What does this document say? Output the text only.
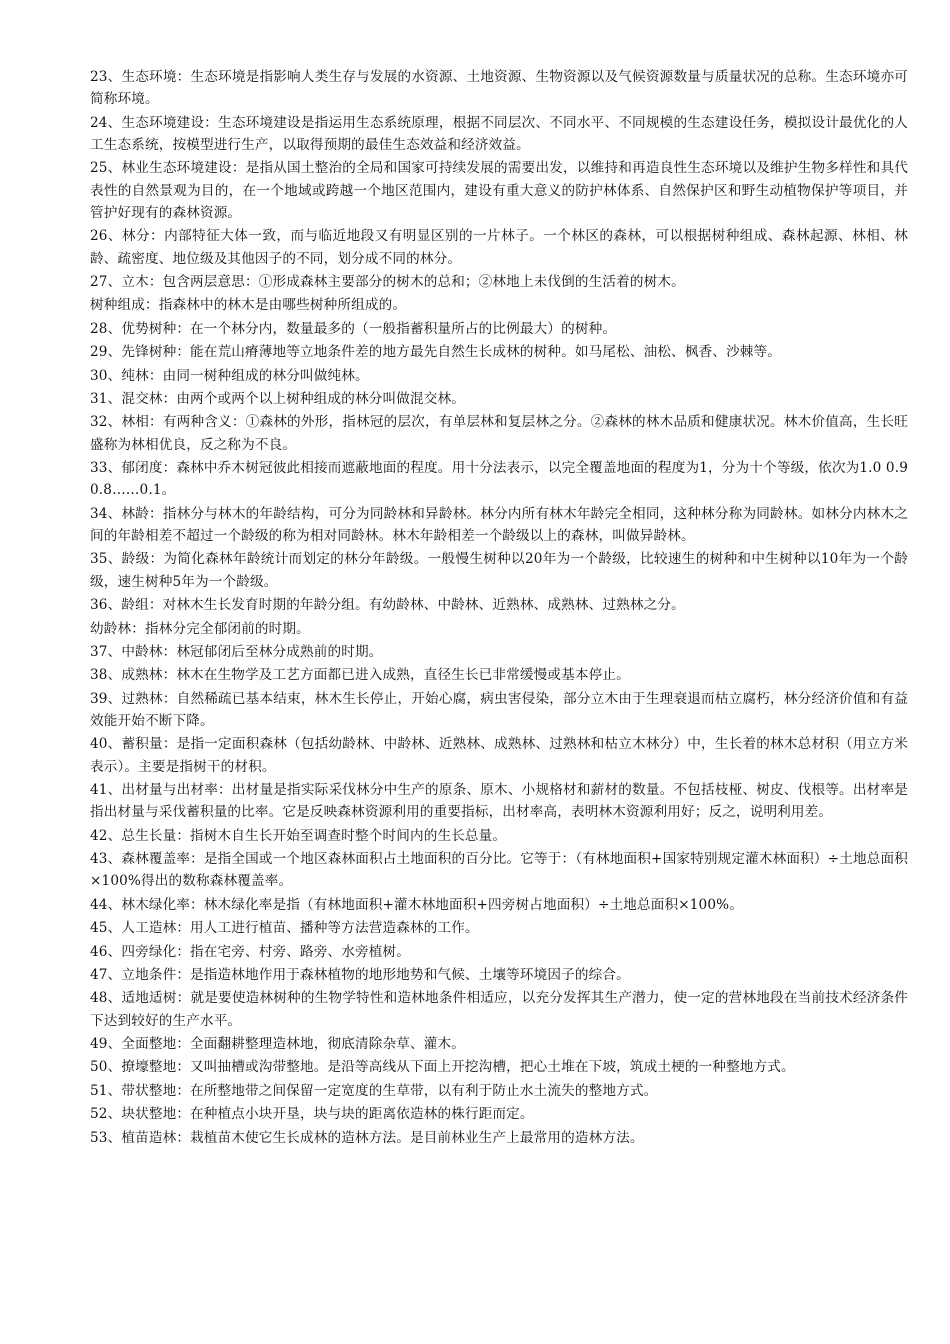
23、生态环境：生态环境是指影响人类生存与发展的水资源、土地资源、生物资源以及气候资源数量与质量状况的总称。生态环境亦可简称环境。

24、生态环境建设：生态环境建设是指运用生态系统原理，根据不同层次、不同水平、不同规模的生态建设任务，模拟设计最优化的人工生态系统，按模型进行生产，以取得预期的最佳生态效益和经济效益。

25、林业生态环境建设：是指从国土整治的全局和国家可持续发展的需要出发，以维持和再造良性生态环境以及维护生物多样性和具代表性的自然景观为目的，在一个地域或跨越一个地区范围内，建设有重大意义的防护林体系、自然保护区和野生动植物保护等项目，并管护好现有的森林资源。

26、林分：内部特征大体一致，而与临近地段又有明显区别的一片林子。一个林区的森林，可以根据树种组成、森林起源、林相、林龄、疏密度、地位级及其他因子的不同，划分成不同的林分。

27、立木：包含两层意思：①形成森林主要部分的树木的总和；②林地上未伐倒的生活着的树木。

树种组成：指森林中的林木是由哪些树种所组成的。

28、优势树种：在一个林分内，数量最多的（一般指蓄积量所占的比例最大）的树种。

29、先锋树种：能在荒山瘠薄地等立地条件差的地方最先自然生长成林的树种。如马尾松、油松、枫香、沙棘等。

30、纯林：由同一树种组成的林分叫做纯林。

31、混交林：由两个或两个以上树种组成的林分叫做混交林。

32、林相：有两种含义：①森林的外形，指林冠的层次，有单层林和复层林之分。②森林的林木品质和健康状况。林木价值高，生长旺盛称为林相优良，反之称为不良。

33、郁闭度：森林中乔木树冠彼此相接而遮蔽地面的程度。用十分法表示，以完全覆盖地面的程度为1，分为十个等级，依次为1.0 0.9 0.8……0.1。

34、林龄：指林分与林木的年龄结构，可分为同龄林和异龄林。林分内所有林木年龄完全相同，这种林分称为同龄林。如林分内林木之间的年龄相差不超过一个龄级的称为相对同龄林。林木年龄相差一个龄级以上的森林，叫做异龄林。

35、龄级：为简化森林年龄统计而划定的林分年龄级。一般慢生树种以20年为一个龄级，比较速生的树种和中生树种以10年为一个龄级，速生树种5年为一个龄级。

36、龄组：对林木生长发育时期的年龄分组。有幼龄林、中龄林、近熟林、成熟林、过熟林之分。

幼龄林：指林分完全郁闭前的时期。

37、中龄林：林冠郁闭后至林分成熟前的时期。

38、成熟林：林木在生物学及工艺方面都已进入成熟，直径生长已非常缓慢或基本停止。

39、过熟林：自然稀疏已基本结束，林木生长停止，开始心腐，病虫害侵染，部分立木由于生理衰退而枯立腐朽，林分经济价值和有益效能开始不断下降。

40、蓄积量：是指一定面积森林（包括幼龄林、中龄林、近熟林、成熟林、过熟林和枯立木林分）中，生长着的林木总材积（用立方米表示）。主要是指树干的材积。

41、出材量与出材率：出材量是指实际采伐林分中生产的原条、原木、小规格材和薪材的数量。不包括枝桠、树皮、伐根等。出材率是指出材量与采伐蓄积量的比率。它是反映森林资源利用的重要指标，出材率高，表明林木资源利用好；反之，说明利用差。

42、总生长量：指树木自生长开始至调查时整个时间内的生长总量。

43、森林覆盖率：是指全国或一个地区森林面积占土地面积的百分比。它等于：（有林地面积+国家特别规定灌木林面积）÷土地总面积×100%得出的数称森林覆盖率。

44、林木绿化率：林木绿化率是指（有林地面积+灌木林地面积+四旁树占地面积）÷土地总面积×100%。

45、人工造林：用人工进行植苗、播种等方法营造森林的工作。

46、四旁绿化：指在宅旁、村旁、路旁、水旁植树。

47、立地条件：是指造林地作用于森林植物的地形地势和气候、土壤等环境因子的综合。

48、适地适树：就是要使造林树种的生物学特性和造林地条件相适应，以充分发挥其生产潜力，使一定的营林地段在当前技术经济条件下达到较好的生产水平。

49、全面整地：全面翻耕整理造林地，彻底清除杂草、灌木。

50、撩壕整地：又叫抽槽或沟带整地。是沿等高线从下面上开挖沟槽，把心土堆在下坡，筑成土梗的一种整地方式。

51、带状整地：在所整地带之间保留一定宽度的生草带，以有利于防止水土流失的整地方式。

52、块状整地：在种植点小块开垦，块与块的距离依造林的株行距而定。

53、植苗造林：栽植苗木使它生长成林的造林方法。是目前林业生产上最常用的造林方法。
